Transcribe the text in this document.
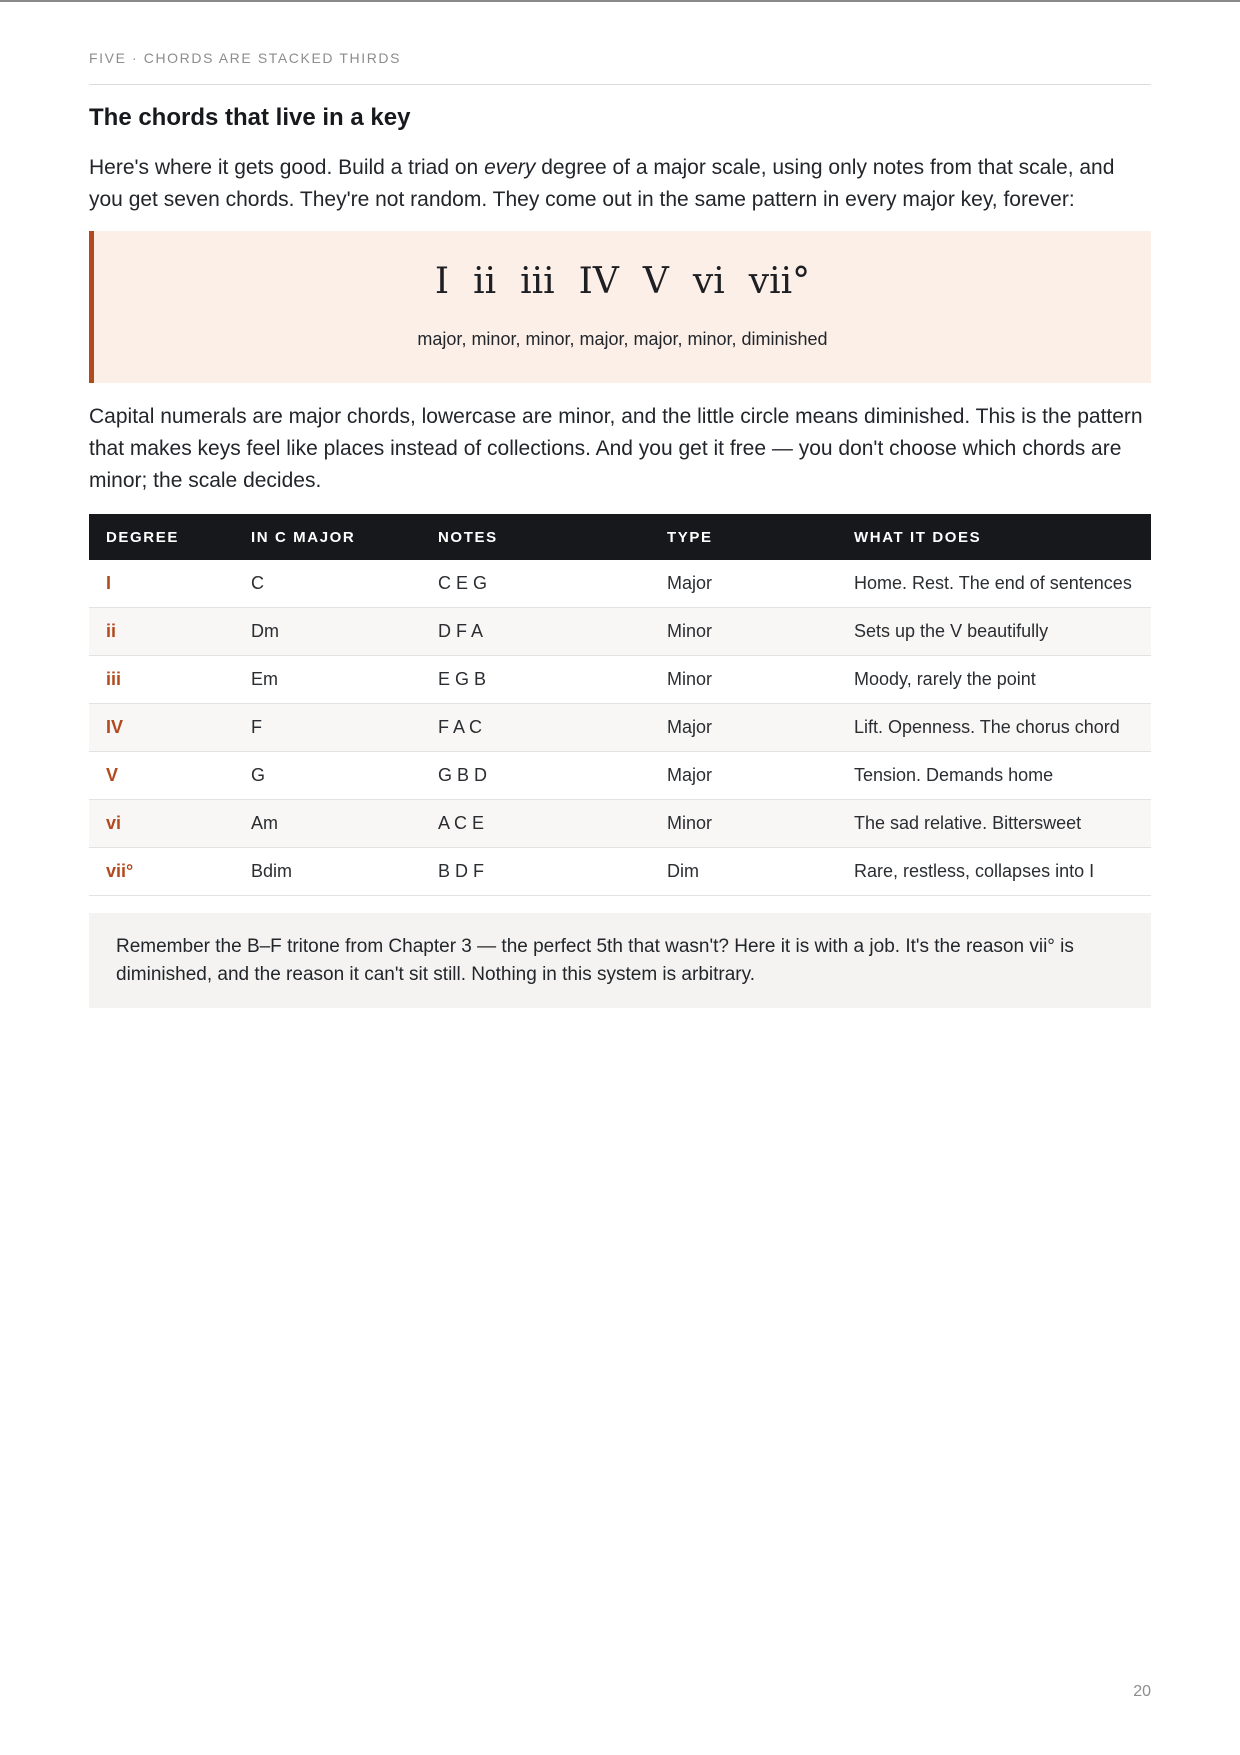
FIVE · CHORDS ARE STACKED THIRDS
The chords that live in a key

Here's where it gets good. Build a triad on every degree of a major scale, using only notes from that scale, and you get seven chords. They're not random. They come out in the same pattern in every major key, forever:

I ii iii IV V vi vii°
major, minor, minor, major, major, minor, diminished

Capital numerals are major chords, lowercase are minor, and the little circle means diminished. This is the pattern that makes keys feel like places instead of collections. And you get it free — you don't choose which chords are minor; the scale decides.

DEGREE	IN C MAJOR	NOTES	TYPE	WHAT IT DOES
I	C	C E G	Major	Home. Rest. The end of sentences
ii	Dm	D F A	Minor	Sets up the V beautifully
iii	Em	E G B	Minor	Moody, rarely the point
IV	F	F A C	Major	Lift. Openness. The chorus chord
V	G	G B D	Major	Tension. Demands home
vi	Am	A C E	Minor	The sad relative. Bittersweet
vii°	Bdim	B D F	Dim	Rare, restless, collapses into I
Remember the B–F tritone from Chapter 3 — the perfect 5th that wasn't? Here it is with a job. It's the reason vii° is diminished, and the reason it can't sit still. Nothing in this system is arbitrary.
20
